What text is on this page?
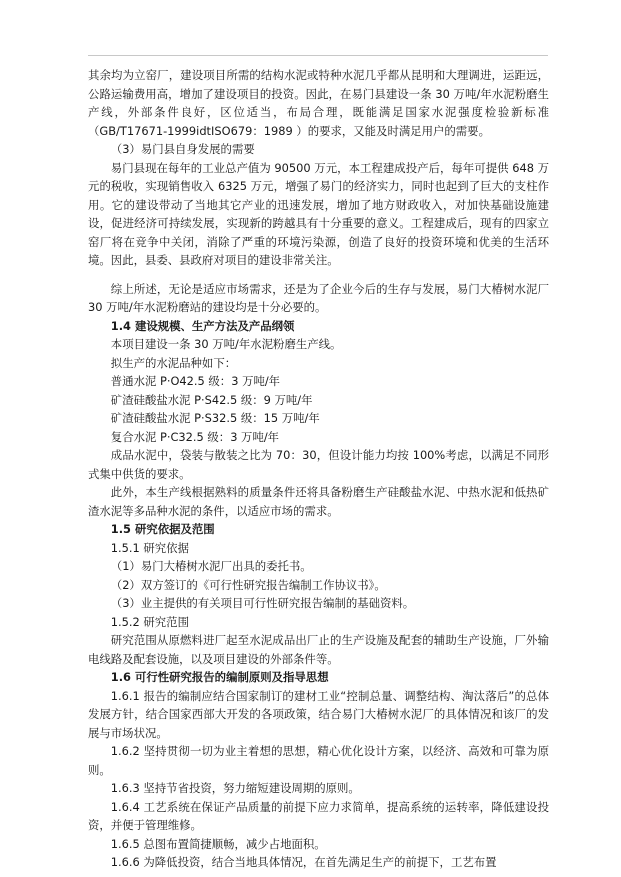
其余均为立窑厂，建设项目所需的结构水泥或特种水泥几乎都从昆明和大理调进，运距远，公路运输费用高，增加了建设项目的投资。因此，在易门县建设一条 30 万吨/年水泥粉磨生产线，外部条件良好，区位适当，布局合理，既能满足国家水泥强度检验新标准（GB/T17671-1999idtISO679：1989 ）的要求，又能及时满足用户的需要。

（3）易门县自身发展的需要

易门县现在每年的工业总产值为 90500 万元，本工程建成投产后，每年可提供 648 万元的税收，实现销售收入 6325 万元，增强了易门的经济实力，同时也起到了巨大的支柱作用。它的建设带动了当地其它产业的迅速发展，增加了地方财政收入，对加快基础设施建设，促进经济可持续发展，实现新的跨越具有十分重要的意义。工程建成后，现有的四家立窑厂将在竞争中关闭，消除了严重的环境污染源，创造了良好的投资环境和优美的生活环境。因此，县委、县政府对项目的建设非常关注。

综上所述，无论是适应市场需求，还是为了企业今后的生存与发展，易门大椿树水泥厂 30 万吨/年水泥粉磨站的建设均是十分必要的。

1.4 建设规模、生产方法及产品纲领

本项目建设一条 30 万吨/年水泥粉磨生产线。

拟生产的水泥品种如下：

普通水泥 P·O42.5 级：3 万吨/年

矿渣硅酸盐水泥 P·S42.5 级：9 万吨/年

矿渣硅酸盐水泥 P·S32.5 级：15 万吨/年

复合水泥 P·C32.5 级：3 万吨/年

成品水泥中，袋装与散装之比为 70：30，但设计能力均按 100%考虑，以满足不同形式集中供货的要求。

此外，本生产线根据熟料的质量条件还将具备粉磨生产硅酸盐水泥、中热水泥和低热矿渣水泥等多品种水泥的条件，以适应市场的需求。

1.5 研究依据及范围

1.5.1 研究依据

（1）易门大椿树水泥厂出具的委托书。

（2）双方签订的《可行性研究报告编制工作协议书》。

（3）业主提供的有关项目可行性研究报告编制的基础资料。

1.5.2 研究范围

研究范围从原燃料进厂起至水泥成品出厂止的生产设施及配套的辅助生产设施，厂外输电线路及配套设施，以及项目建设的外部条件等。

1.6 可行性研究报告的编制原则及指导思想

1.6.1 报告的编制应结合国家制订的建材工业“控制总量、调整结构、淘汰落后”的总体发展方针，结合国家西部大开发的各项政策，结合易门大椿树水泥厂的具体情况和该厂的发展与市场状况。

1.6.2 坚持贯彻一切为业主着想的思想，精心优化设计方案，以经济、高效和可靠为原则。

1.6.3 坚持节省投资，努力缩短建设周期的原则。

1.6.4 工艺系统在保证产品质量的前提下应力求简单，提高系统的运转率，降低建设投资，并便于管理维修。

1.6.5 总图布置简捷顺畅，减少占地面积。

1.6.6 为降低投资，结合当地具体情况，在首先满足生产的前提下，工艺布置
